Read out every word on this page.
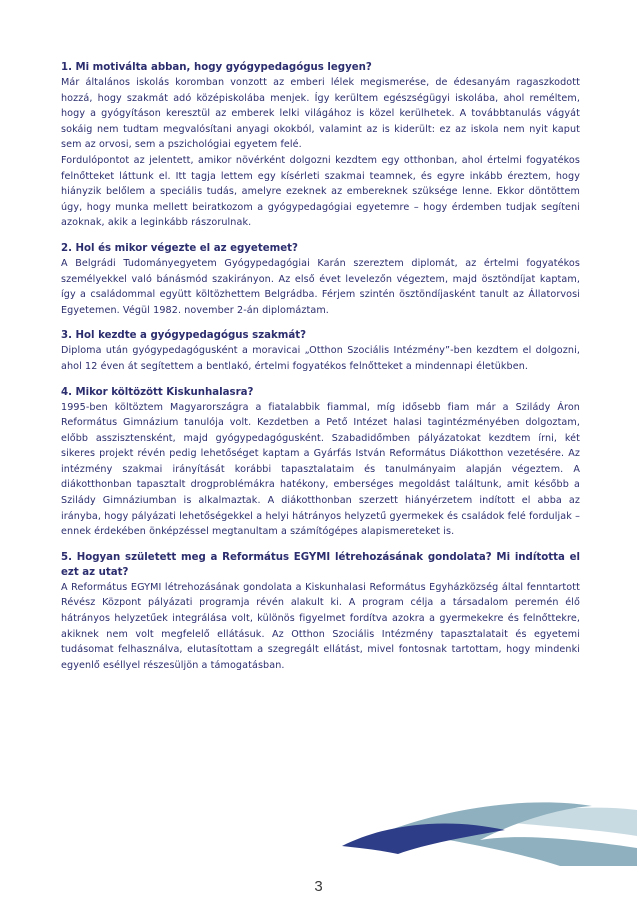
1. Mi motiválta abban, hogy gyógypedagógus legyen?

Már általános iskolás koromban vonzott az emberi lélek megismerése, de édesanyám ragaszkodott hozzá, hogy szakmát adó középiskolába menjek. Így kerültem egészségügyi iskolába, ahol reméltem, hogy a gyógyításon keresztül az emberek lelki világához is közel kerülhetek. A továbbtanulás vágyát sokáig nem tudtam megvalósítani anyagi okokból, valamint az is kiderült: ez az iskola nem nyit kaput sem az orvosi, sem a pszichológiai egyetem felé.

Fordulópontot az jelentett, amikor növérként dolgozni kezdtem egy otthonban, ahol értelmi fogyatékos felnőtteket láttunk el. Itt tagja lettem egy kísérleti szakmai teamnek, és egyre inkább éreztem, hogy hiányzik belőlem a speciális tudás, amelyre ezeknek az embereknek szüksége lenne. Ekkor döntöttem úgy, hogy munka mellett beiratkozom a gyógypedagógiai egyetemre – hogy érdemben tudjak segíteni azoknak, akik a leginkább rászorulnak.

2. Hol és mikor végezte el az egyetemet?

A Belgrádi Tudományegyetem Gyógypedagógiai Karán szereztem diplomát, az értelmi fogyatékos személyekkel való bánásmód szakirányon. Az első évet levelezőn végeztem, majd ösztöndíjat kaptam, így a családommal együtt költözhettem Belgrádba. Férjem szintén ösztöndíjasként tanult az Állatorvosi Egyetemen. Végül 1982. november 2-án diplomáztam.

3. Hol kezdte a gyógypedagógus szakmát?

Diploma után gyógypedagógusként a moravicai „Otthon Szociális Intézmény”-ben kezdtem el dolgozni, ahol 12 éven át segítettem a bentlakó, értelmi fogyatékos felnőtteket a mindennapi életükben.

4. Mikor költözött Kiskunhalasra?

1995-ben költöztem Magyarországra a fiatalabbik fiammal, míg idősebb fiam már a Szilády Áron Református Gimnázium tanulója volt. Kezdetben a Pető Intézet halasi tagintézményében dolgoztam, előbb asszisztensként, majd gyógypedagógusként. Szabadidőmben pályázatokat kezdtem írni, két sikeres projekt révén pedig lehetőséget kaptam a Gyárfás István Református Diákotthon vezetésére. Az intézmény szakmai irányítását korábbi tapasztalataim és tanulmányaim alapján végeztem. A diákotthonban tapasztalt drogproblémákra hatékony, emberséges megoldást találtunk, amit később a Szilády Gimnáziumban is alkalmaztak. A diákotthonban szerzett hiányérzetem indított el abba az irányba, hogy pályázati lehetőségekkel a helyi hátrányos helyzetű gyermekek és családok felé forduljak – ennek érdekében önképzéssel megtanultam a számítógépes alapismereteket is.

5. Hogyan született meg a Református EGYMI létrehozásának gondolata? Mi indította el ezt az utat?

A Református EGYMI létrehozásának gondolata a Kiskunhalasi Református Egyházközség által fenntartott Révész Központ pályázati programja révén alakult ki. A program célja a társadalom peremén élő hátrányos helyzetűek integrálása volt, különös figyelmet fordítva azokra a gyermekekre és felnőttekre, akiknek nem volt megfelelő ellátásuk. Az Otthon Szociális Intézmény tapasztalatait és egyetemi tudásomat felhasználva, elutasítottam a szegregált ellátást, mivel fontosnak tartottam, hogy mindenki egyenlő eséllyel részesüljön a támogatásban.

3
